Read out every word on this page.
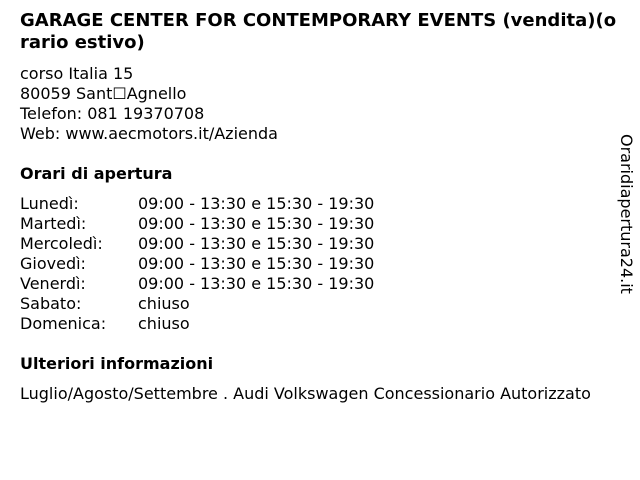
GARAGE CENTER FOR CONTEMPORARY EVENTS (vendita)(orario estivo)
corso Italia 15
80059 Sant☐Agnello
Telefon: 081 19370708
Web: www.aecmotors.it/Azienda
Orari di apertura
Lunedì:	09:00 - 13:30 e 15:30 - 19:30
Martedì:	09:00 - 13:30 e 15:30 - 19:30
Mercoledì: 09:00 - 13:30 e 15:30 - 19:30
Giovedì:	09:00 - 13:30 e 15:30 - 19:30
Venerdì:	09:00 - 13:30 e 15:30 - 19:30
Sabato:	chiuso
Domenica: chiuso
Ulteriori informazioni
Luglio/Agosto/Settembre . Audi Volkswagen Concessionario Autorizzato
Oraridiapertura24.it
